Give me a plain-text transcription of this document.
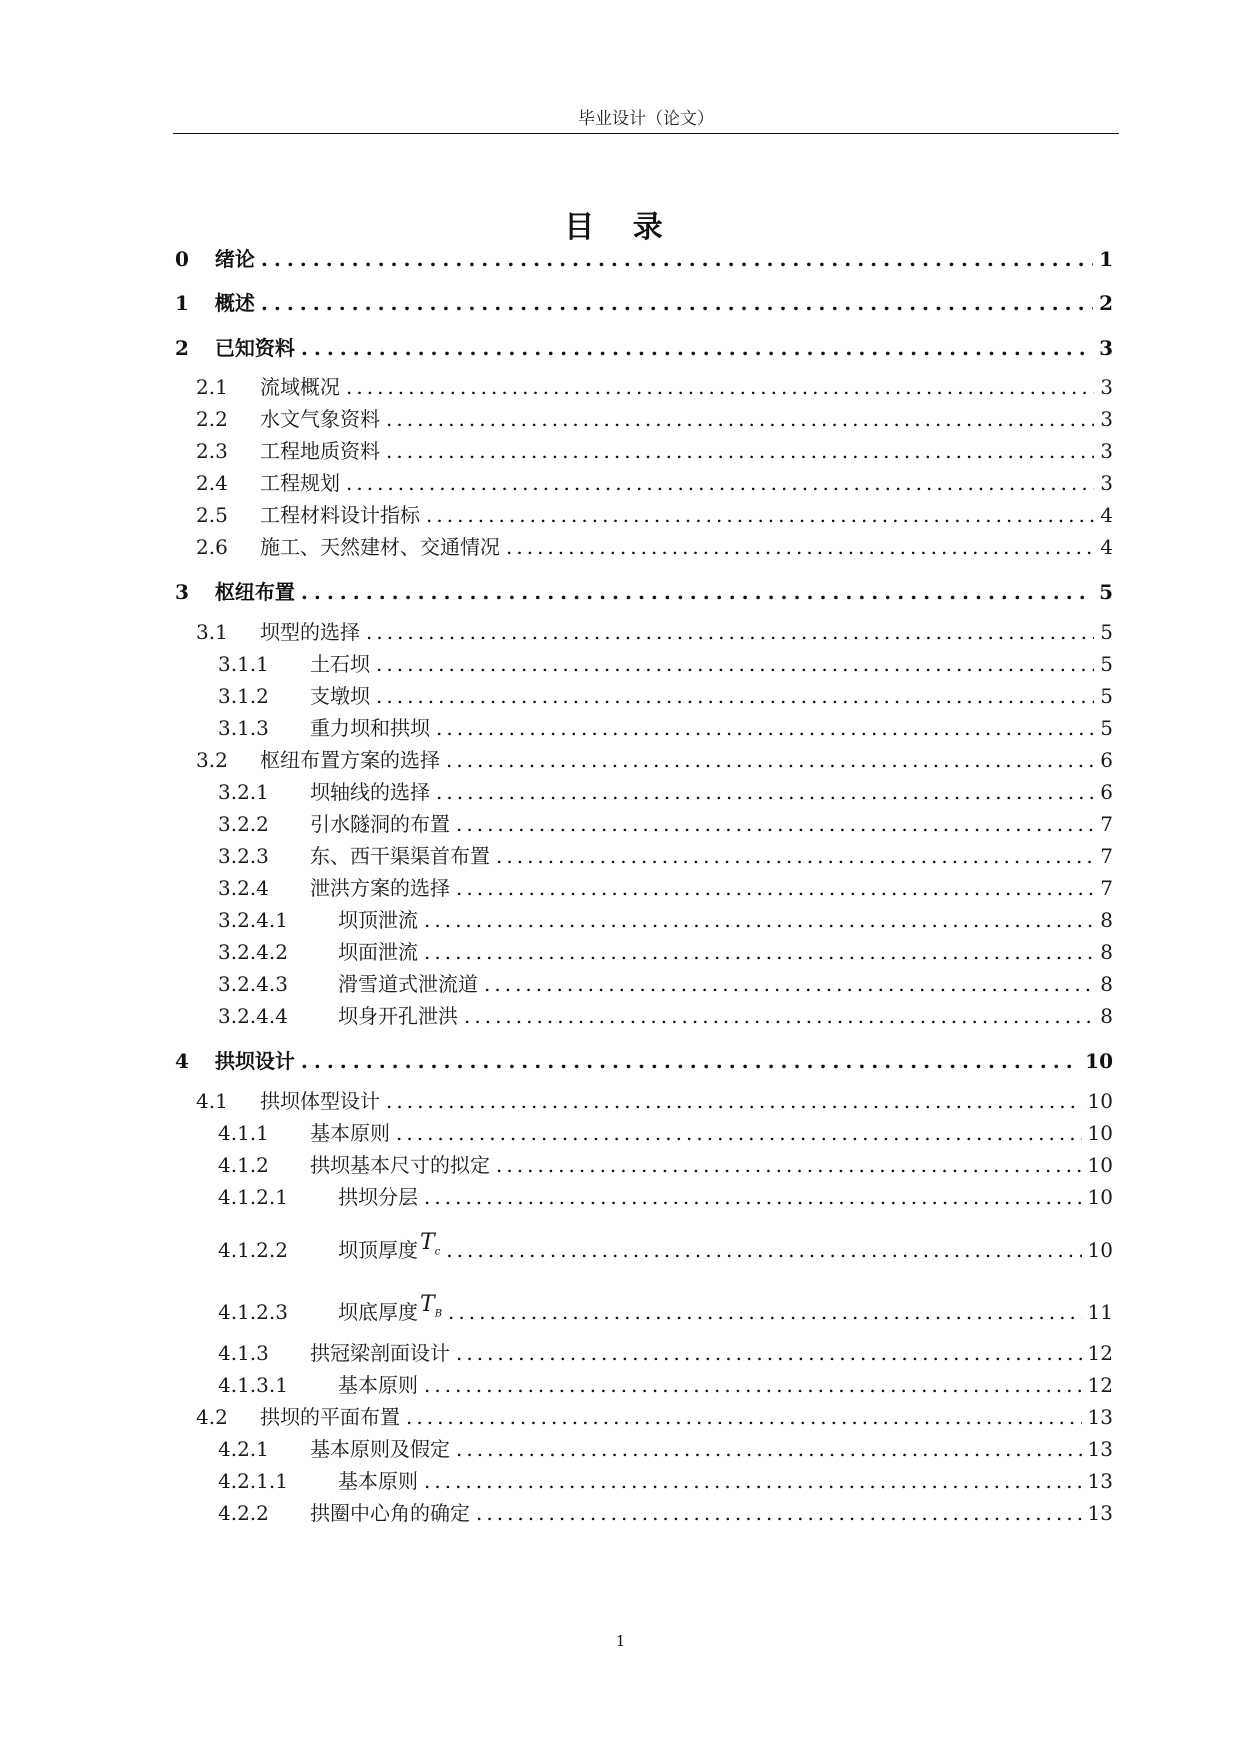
毕业设计（论文）
目 录
0 绪论 .....	1
1 概述 .....	2
2 已知资料 .....	3
2.1	流域概况 .....	3
2.2	水文气象资料 .....	3
2.3	工程地质资料 .....	3
2.4	工程规划 .....	3
2.5	工程材料设计指标 .....	4
2.6	施工、天然建材、交通情况 .....	4
3 枢纽布置 .....	5
3.1	坝型的选择 .....	5
3.1.1	土石坝 .....	5
3.1.2	支墩坝 .....	5
3.1.3	重力坝和拱坝 .....	5
3.2	枢纽布置方案的选择 .....	6
3.2.1	坝轴线的选择 .....	6
3.2.2	引水隧洞的布置 .....	7
3.2.3	东、西干渠渠首布置 .....	7
3.2.4	泄洪方案的选择 .....	7
3.2.4.1	坝顶泄流 .....	8
3.2.4.2	坝面泄流 .....	8
3.2.4.3	滑雪道式泄流道 .....	8
3.2.4.4	坝身开孔泄洪 .....	8
4 拱坝设计 .....	10
4.1	拱坝体型设计 .....	10
4.1.1	基本原则 .....	10
4.1.2	拱坝基本尺寸的拟定 .....	10
4.1.2.1	拱坝分层 .....	10
4.1.2.2	坝顶厚度 $T_c$ .....	10
4.1.2.3	坝底厚度 $T_B$ .....	11
4.1.3	拱冠梁剖面设计 .....	12
4.1.3.1	基本原则 .....	12
4.2	拱坝的平面布置 .....	13
4.2.1	基本原则及假定 .....	13
4.2.1.1	基本原则 .....	13
4.2.2	拱圈中心角的确定 .....	13
1
